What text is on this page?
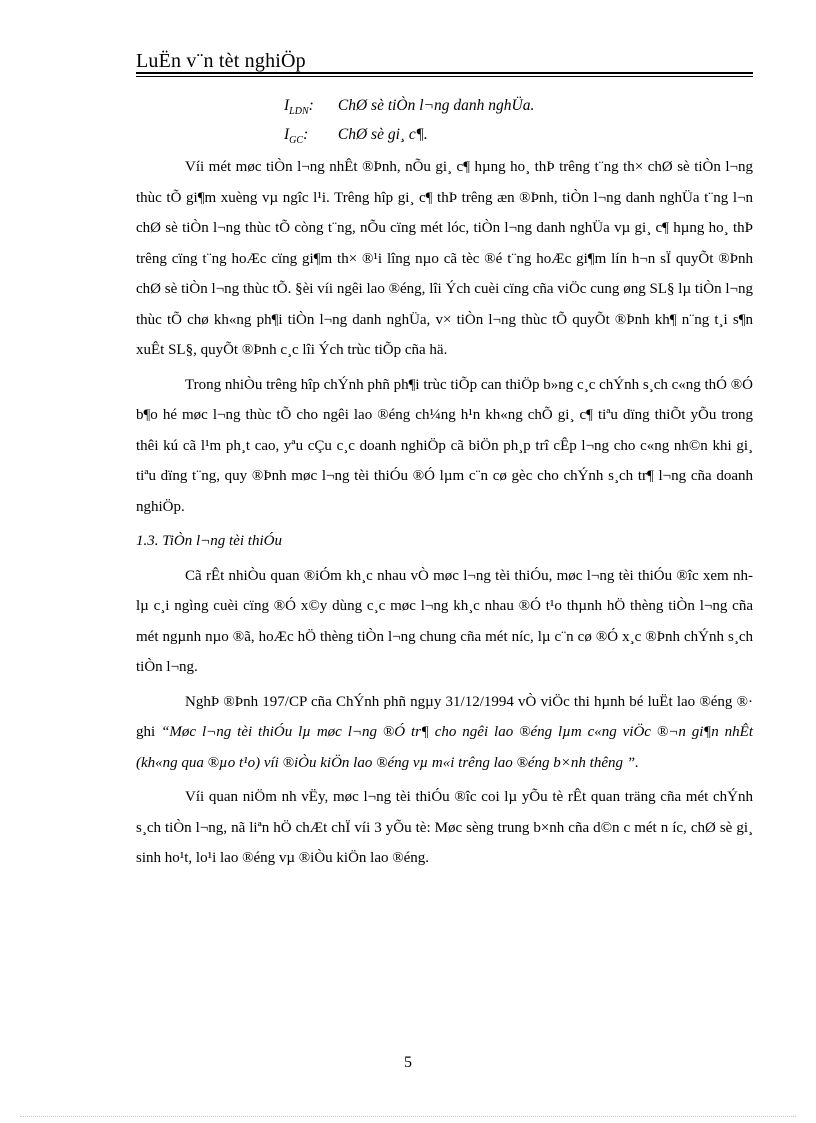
LuËn v¨n tèt nghiÖp
$I_{LDN}$: ChØ sè tiÒn l¬ng danh nghÜa.
$I_{GC}$: ChØ sè gi¸ c¶.

Víi mét møc tiÒn l¬ng nhÊt ®Þnh, nÕu gi¸ c¶ hµng ho¸ thÞ trêng t¨ng th× chØ sè tiÒn l¬ng thùc tÕ gi¶m xuèng vµ ngîc l¹i. Trêng hîp gi¸ c¶ thÞ trêng æn ®Þnh, tiÒn l¬ng danh nghÜa t¨ng l¬n chØ sè tiÒn l¬ng thùc tÕ còng t¨ng, nÕu cïng mét lóc, tiÒn l¬ng danh nghÜa vµ gi¸ c¶ hµng ho¸ thÞ trêng cïng t¨ng hoÆc cïng gi¶m th× ®¹i lîng nµo cã tèc ®é t¨ng hoÆc gi¶m lín h¬n sÏ quyÕt ®Þnh chØ sè tiÒn l¬ng thùc tÕ. §èi víi ngêi lao ®éng, lîi Ých cuèi cïng cña viÖc cung øng SL§ lµ tiÒn l¬ng thùc tÕ chø kh«ng ph¶i tiÒn l¬ng danh nghÜa, v× tiÒn l¬ng thùc tÕ quyÕt ®Þnh kh¶ n¨ng t¸i s¶n xuÊt SL§, quyÕt ®Þnh c¸c lîi Ých trùc tiÕp cña hä.

Trong nhiÒu trêng hîp chÝnh phñ ph¶i trùc tiÕp can thiÖp b»ng c¸c chÝnh s¸ch c«ng thÓ ®Ó b¶o hé møc l¬ng thùc tÕ cho ngêi lao ®éng ch¼ng h¹n kh«ng chÕ gi¸ c¶ tiªu dïng thiÕt yÕu trong thêi kú cã l¹m ph¸t cao, yªu cÇu c¸c doanh nghiÖp cã biÖn ph¸p trî cÊp l¬ng cho c«ng nh©n khi gi¸ tiªu dïng t¨ng, quy ®Þnh møc l¬ng tèi thiÓu ®Ó lµm c¨n cø gèc cho chÝnh s¸ch tr¶ l¬ng cña doanh nghiÖp.

1.3. TiÒn l¬ng tèi thiÓu

Cã rÊt nhiÒu quan ®iÓm kh¸c nhau vÒ møc l¬ng tèi thiÓu, møc l¬ng tèi thiÓu ®îc xem nh lµ c¸i ngìng cuèi cïng ®Ó x©y dùng c¸c møc l¬ng kh¸c nhau ®Ó t¹o thµnh hÖ thèng tiÒn l¬ng cña mét ngµnh nµo ®ã, hoÆc hÖ thèng tiÒn l¬ng chung cña mét níc, lµ c¨n cø ®Ó x¸c ®Þnh chÝnh s¸ch tiÒn l¬ng.

NghÞ ®Þnh 197/CP cña ChÝnh phñ ngµy 31/12/1994 vÒ viÖc thi hµnh bé luËt lao ®éng ®· ghi “Møc l¬ng tèi thiÓu lµ møc l¬ng ®Ó tr¶ cho ngêi lao ®éng lµm c«ng viÖc ®¬n gi¶n nhÊt (kh«ng qua ®µo t¹o) víi ®iÒu kiÖn lao ®éng vµ m«i trêng lao ®éng b×nh thêng ”.

Víi quan niÖm nh vËy, møc l¬ng tèi thiÓu ®îc coi lµ yÕu tè rÊt quan träng cña mét chÝnh s¸ch tiÒn l¬ng, nã liªn hÖ chÆt chÏ víi 3 yÕu tè: Møc sèng trung b×nh cña d©n c mét n íc, chØ sè gi¸ sinh ho¹t, lo¹i lao ®éng vµ ®iÒu kiÖn lao ®éng.

5
